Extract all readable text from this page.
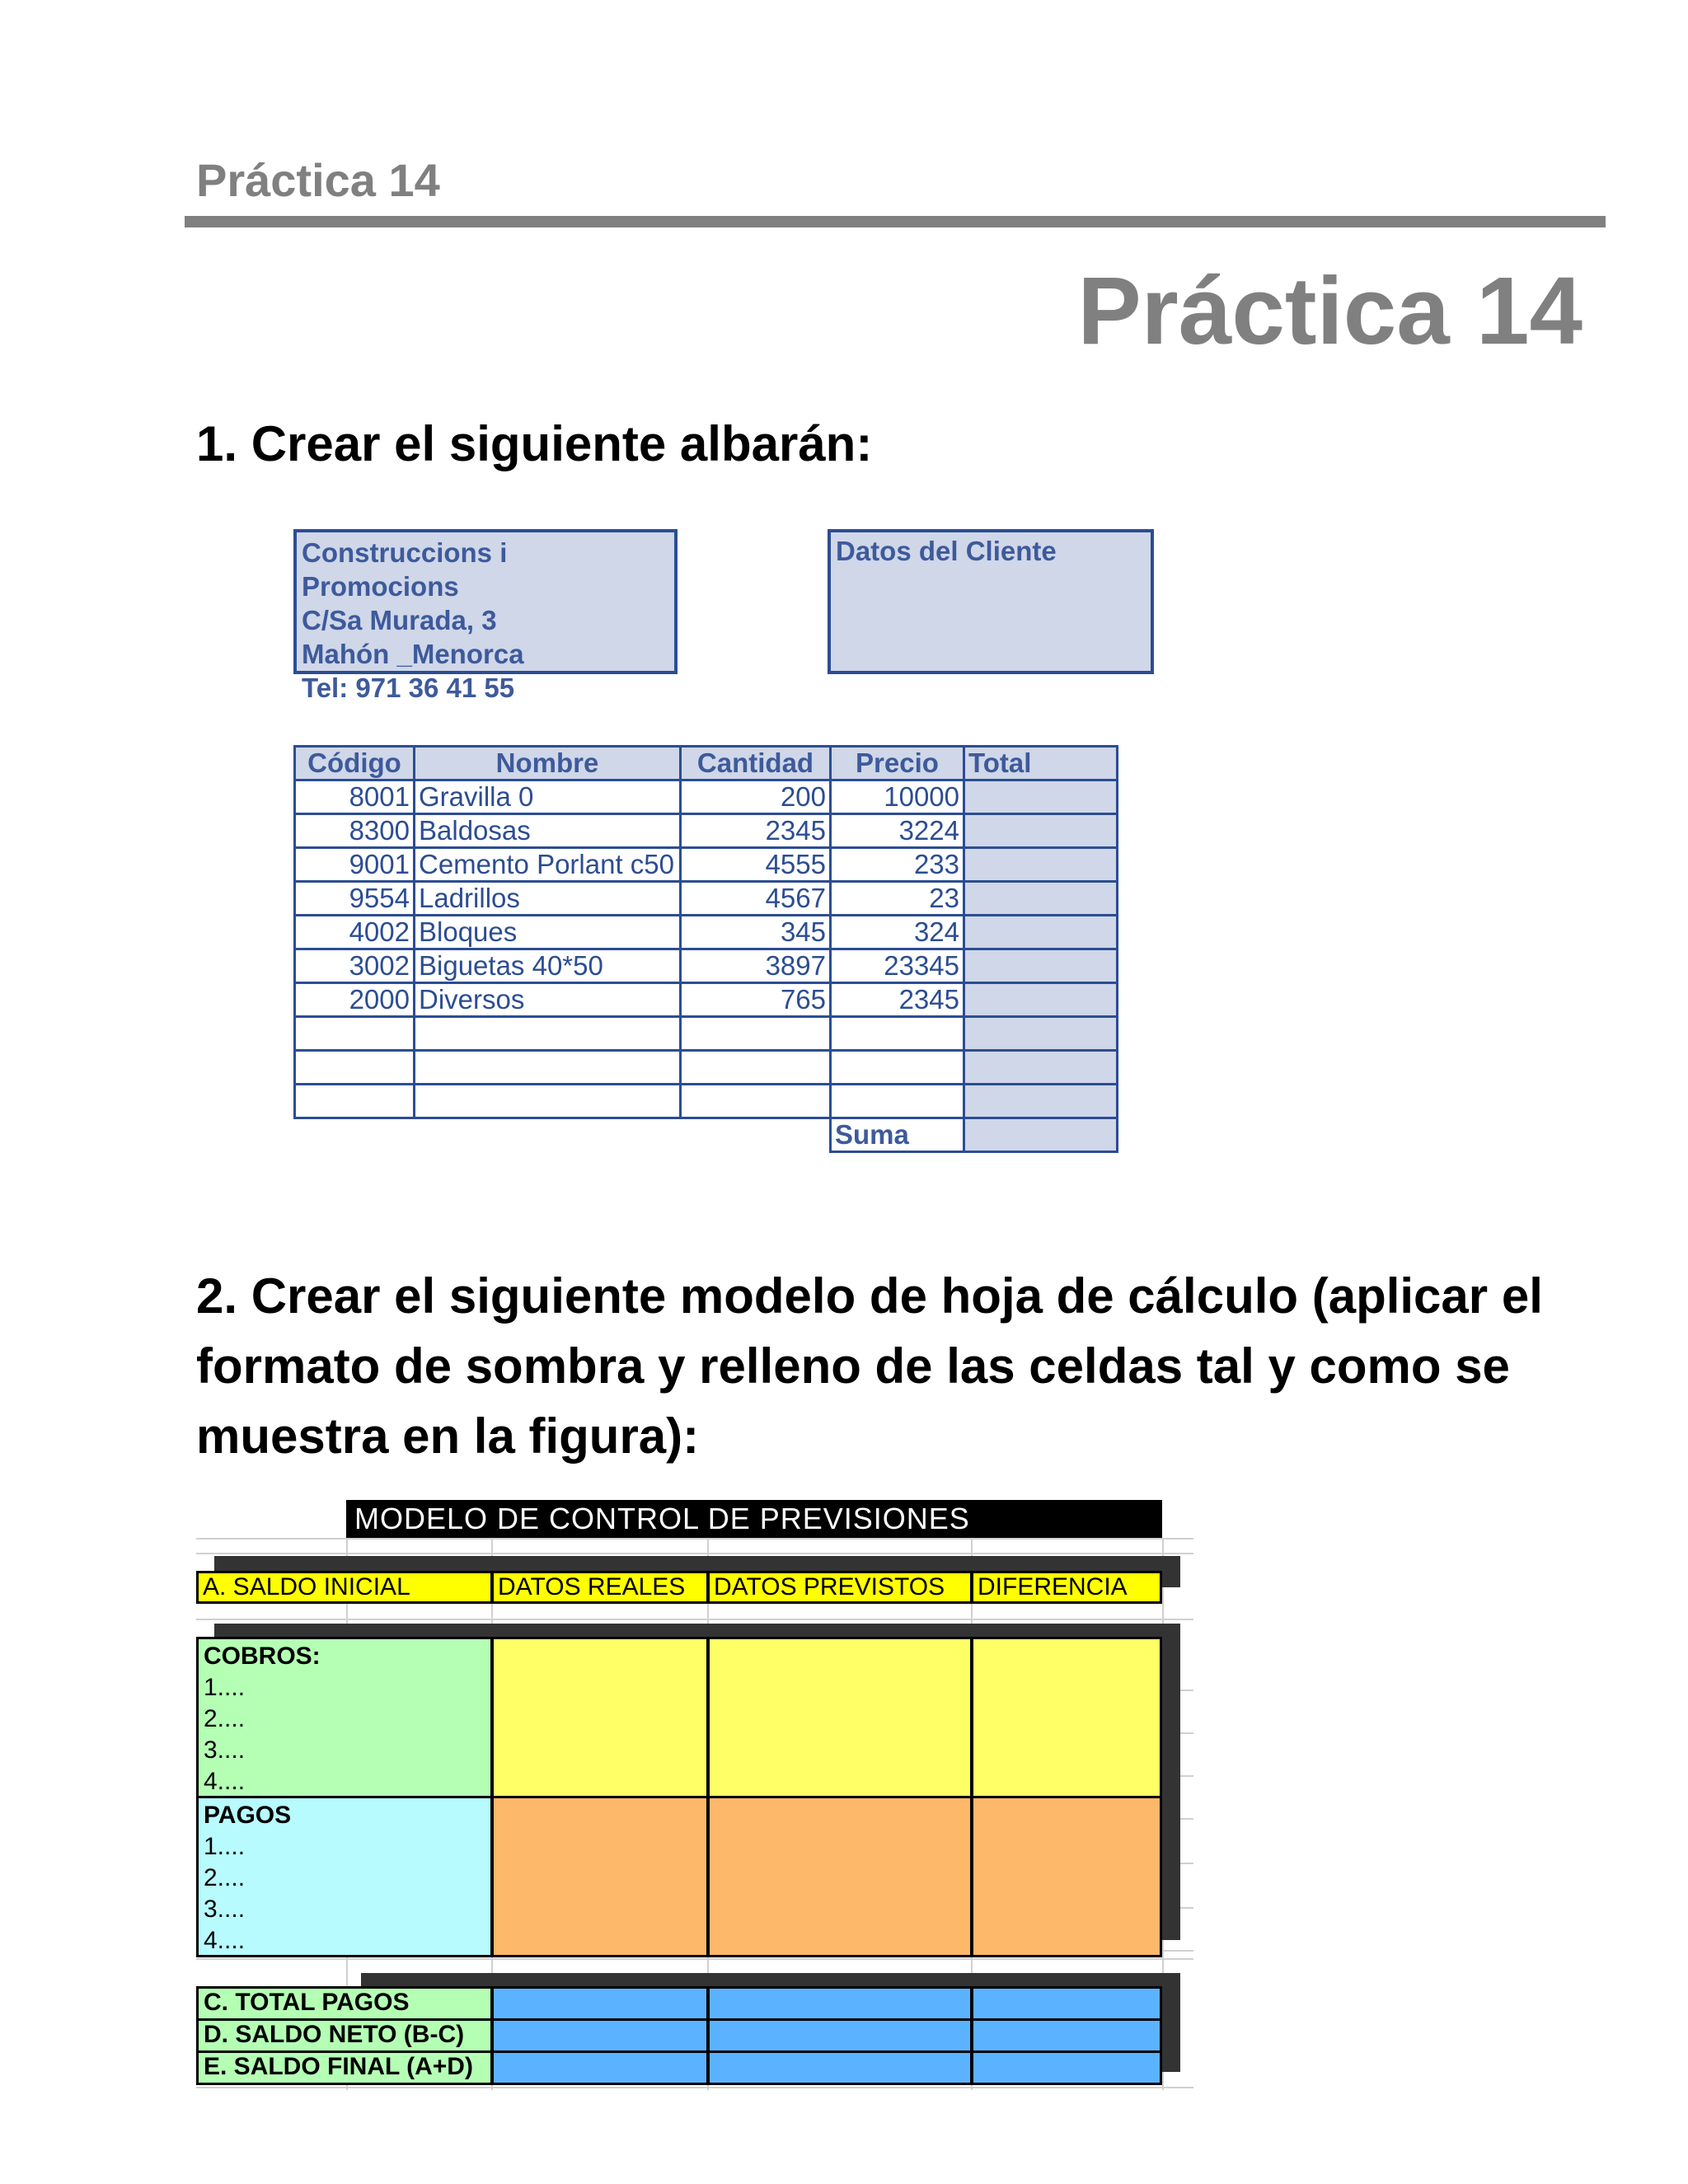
Práctica 14
Práctica 14
1. Crear el siguiente albarán:
Construccions i Promocions
C/Sa Murada, 3
Mahón _Menorca
Tel: 971 36 41 55
Datos del Cliente
Código	Nombre	Cantidad	Precio	Total
8001	Gravilla 0	200	10000	
8300	Baldosas	2345	3224	
9001	Cemento Porlant c50	4555	233	
9554	Ladrillos	4567	23	
4002	Bloques	345	324	
3002	Biguetas 40*50	3897	23345	
2000	Diversos	765	2345	

			Suma	
2. Crear el siguiente modelo de hoja de cálculo (aplicar el formato de sombra y relleno de las celdas tal y como se muestra en la figura):
MODELO DE CONTROL DE PREVISIONES
A. SALDO INICIAL	DATOS REALES	DATOS PREVISTOS	DIFERENCIA
COBROS:
1....
2....
3....
4....
PAGOS
1....
2....
3....
4....
C. TOTAL PAGOS
D. SALDO NETO (B-C)
E. SALDO FINAL (A+D)
